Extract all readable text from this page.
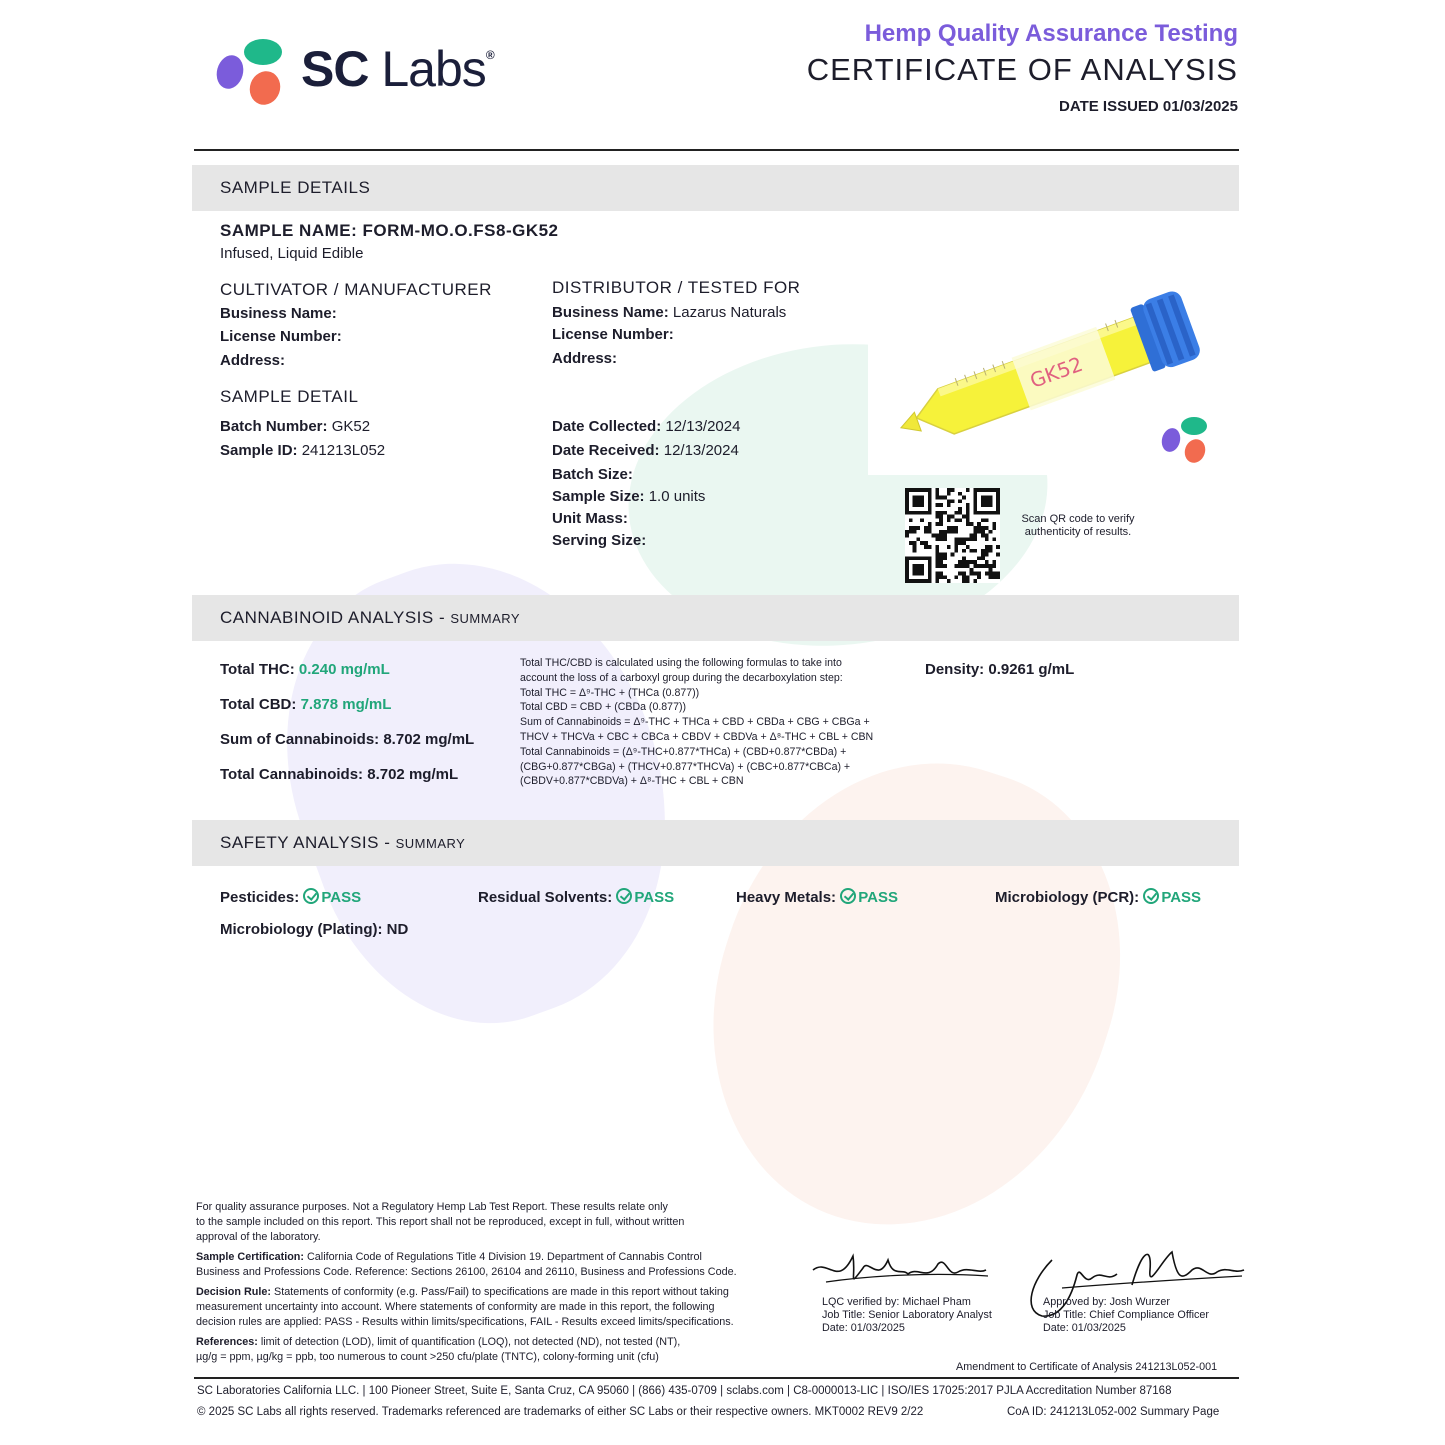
SC Labs®
Hemp Quality Assurance Testing
CERTIFICATE OF ANALYSIS
DATE ISSUED 01/03/2025
SAMPLE DETAILS
SAMPLE NAME: FORM-MO.O.FS8-GK52
Infused, Liquid Edible
CULTIVATOR / MANUFACTURER
Business Name:
License Number:
Address:
DISTRIBUTOR / TESTED FOR
Business Name: Lazarus Naturals
License Number:
Address:
SAMPLE DETAIL
Batch Number: GK52
Sample ID: 241213L052
Date Collected: 12/13/2024
Date Received: 12/13/2024
Batch Size:
Sample Size: 1.0 units
Unit Mass:
Serving Size:
GK52
Scan QR code to verify authenticity of results.
CANNABINOID ANALYSIS - SUMMARY
Total THC: 0.240 mg/mL
Total CBD: 7.878 mg/mL
Sum of Cannabinoids: 8.702 mg/mL
Total Cannabinoids: 8.702 mg/mL
Total THC/CBD is calculated using the following formulas to take into
account the loss of a carboxyl group during the decarboxylation step:
Total THC = Δ⁹-THC + (THCa (0.877))
Total CBD = CBD + (CBDa (0.877))
Sum of Cannabinoids = Δ⁹-THC + THCa + CBD + CBDa + CBG + CBGa +
THCV + THCVa + CBC + CBCa + CBDV + CBDVa + Δ⁸-THC + CBL + CBN
Total Cannabinoids = (Δ⁹-THC+0.877*THCa) + (CBD+0.877*CBDa) +
(CBG+0.877*CBGa) + (THCV+0.877*THCVa) + (CBC+0.877*CBCa) +
(CBDV+0.877*CBDVa) + Δ⁸-THC + CBL + CBN
Density: 0.9261 g/mL
SAFETY ANALYSIS - SUMMARY
Pesticides: PASS	Residual Solvents: PASS	Heavy Metals: PASS	Microbiology (PCR): PASS
Microbiology (Plating): ND
For quality assurance purposes. Not a Regulatory Hemp Lab Test Report. These results relate only
to the sample included on this report. This report shall not be reproduced, except in full, without written
approval of the laboratory.
Sample Certification: California Code of Regulations Title 4 Division 19. Department of Cannabis Control
Business and Professions Code. Reference: Sections 26100, 26104 and 26110, Business and Professions Code.
Decision Rule: Statements of conformity (e.g. Pass/Fail) to specifications are made in this report without taking
measurement uncertainty into account. Where statements of conformity are made in this report, the following
decision rules are applied: PASS - Results within limits/specifications, FAIL - Results exceed limits/specifications.
References: limit of detection (LOD), limit of quantification (LOQ), not detected (ND), not tested (NT),
µg/g = ppm, µg/kg = ppb, too numerous to count >250 cfu/plate (TNTC), colony-forming unit (cfu)
LQC verified by: Michael Pham
Job Title: Senior Laboratory Analyst
Date: 01/03/2025
Approved by: Josh Wurzer
Job Title: Chief Compliance Officer
Date: 01/03/2025
Amendment to Certificate of Analysis 241213L052-001
SC Laboratories California LLC. | 100 Pioneer Street, Suite E, Santa Cruz, CA 95060 | (866) 435-0709 | sclabs.com | C8-0000013-LIC | ISO/IES 17025:2017 PJLA Accreditation Number 87168
© 2025 SC Labs all rights reserved. Trademarks referenced are trademarks of either SC Labs or their respective owners. MKT0002 REV9 2/22	CoA ID: 241213L052-002 Summary Page
